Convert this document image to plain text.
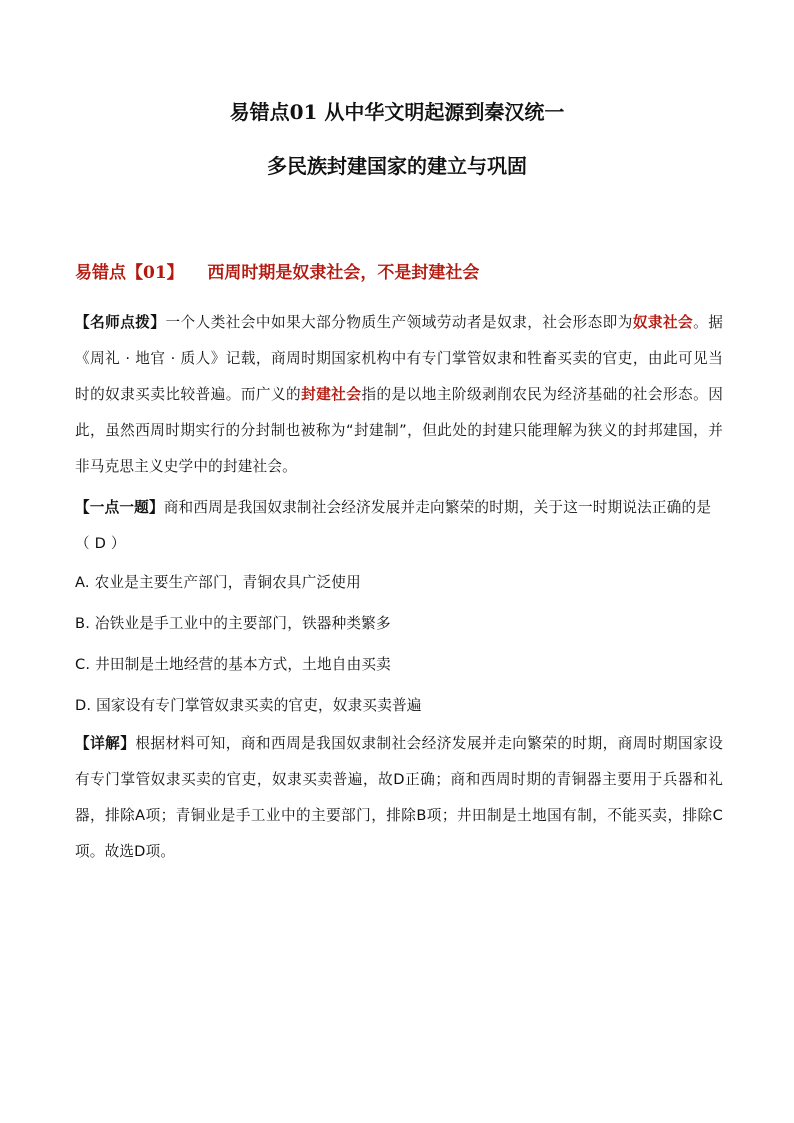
易错点01 从中华文明起源到秦汉统一
多民族封建国家的建立与巩固
易错点【01】 西周时期是奴隶社会，不是封建社会

【名师点拨】一个人类社会中如果大部分物质生产领域劳动者是奴隶，社会形态即为奴隶社会。据《周礼 · 地官 · 质人》记载，商周时期国家机构中有专门掌管奴隶和牲畜买卖的官吏，由此可见当时的奴隶买卖比较普遍。而广义的封建社会指的是以地主阶级剥削农民为经济基础的社会形态。因此，虽然西周时期实行的分封制也被称为“封建制”，但此处的封建只能理解为狭义的封邦建国，并非马克思主义史学中的封建社会。

【一点一题】商和西周是我国奴隶制社会经济发展并走向繁荣的时期，关于这一时期说法正确的是（ D ）

A. 农业是主要生产部门，青铜农具广泛使用

B. 冶铁业是手工业中的主要部门，铁器种类繁多

C. 井田制是土地经营的基本方式，土地自由买卖

D. 国家设有专门掌管奴隶买卖的官吏，奴隶买卖普遍

【详解】根据材料可知，商和西周是我国奴隶制社会经济发展并走向繁荣的时期，商周时期国家设有专门掌管奴隶买卖的官吏，奴隶买卖普遍，故D正确；商和西周时期的青铜器主要用于兵器和礼器，排除A项；青铜业是手工业中的主要部门，排除B项；井田制是土地国有制，不能买卖，排除C项。故选D项。
